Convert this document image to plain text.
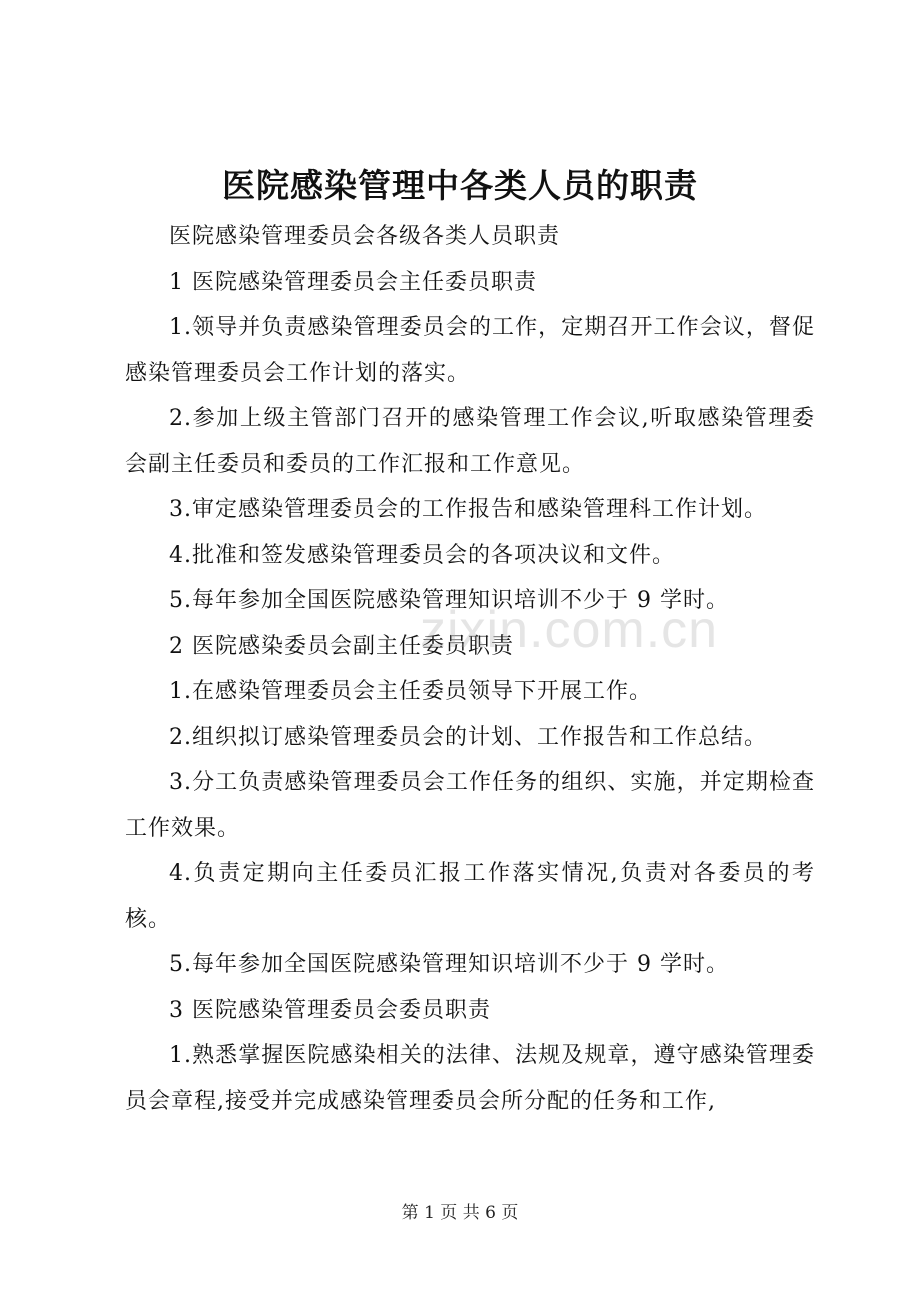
医院感染管理中各类人员的职责

医院感染管理委员会各级各类人员职责

1 医院感染管理委员会主任委员职责

1.领导并负责感染管理委员会的工作，定期召开工作会议，督促感染管理委员会工作计划的落实。

2.参加上级主管部门召开的感染管理工作会议,听取感染管理委会副主任委员和委员的工作汇报和工作意见。

3.审定感染管理委员会的工作报告和感染管理科工作计划。

4.批准和签发感染管理委员会的各项决议和文件。

5.每年参加全国医院感染管理知识培训不少于 9 学时。

2 医院感染委员会副主任委员职责

1.在感染管理委员会主任委员领导下开展工作。

2.组织拟订感染管理委员会的计划、工作报告和工作总结。

3.分工负责感染管理委员会工作任务的组织、实施，并定期检查工作效果。

4.负责定期向主任委员汇报工作落实情况,负责对各委员的考核。

5.每年参加全国医院感染管理知识培训不少于 9 学时。

3 医院感染管理委员会委员职责

1.熟悉掌握医院感染相关的法律、法规及规章，遵守感染管理委员会章程,接受并完成感染管理委员会所分配的任务和工作,

zixin.com.cn
第 1 页 共 6 页
